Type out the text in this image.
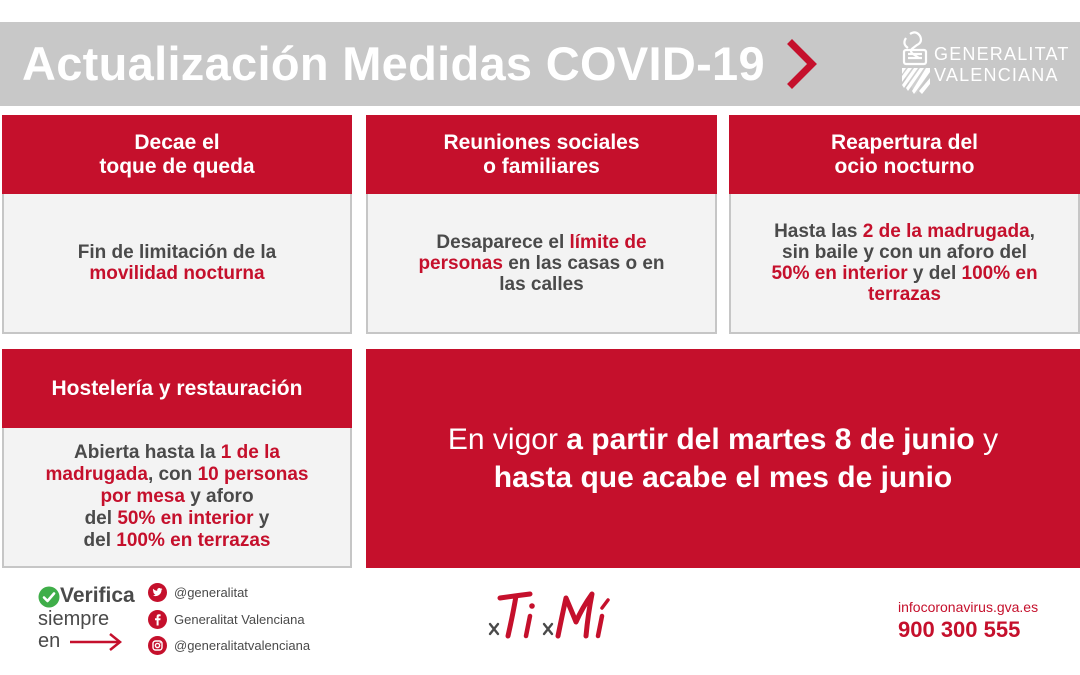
Actualización Medidas COVID-19	GENERALITAT
VALENCIANA
Decae el
toque de queda
Fin de limitación de la
movilidad nocturna
Reuniones sociales
o familiares
Desaparece el límite de
personas en las casas o en
las calles
Reapertura del
ocio nocturno
Hasta las 2 de la madrugada,
sin baile y con un aforo del
50% en interior y del 100% en
terrazas
Hostelería y restauración
Abierta hasta la 1 de la
madrugada, con 10 personas
por mesa y aforo
del 50% en interior y
del 100% en terrazas
En vigor a partir del martes 8 de junio y
hasta que acabe el mes de junio
Verifica
siempre
en
@generalitat
Generalitat Valenciana
@generalitatvalenciana
infocoronavirus.gva.es
900 300 555
